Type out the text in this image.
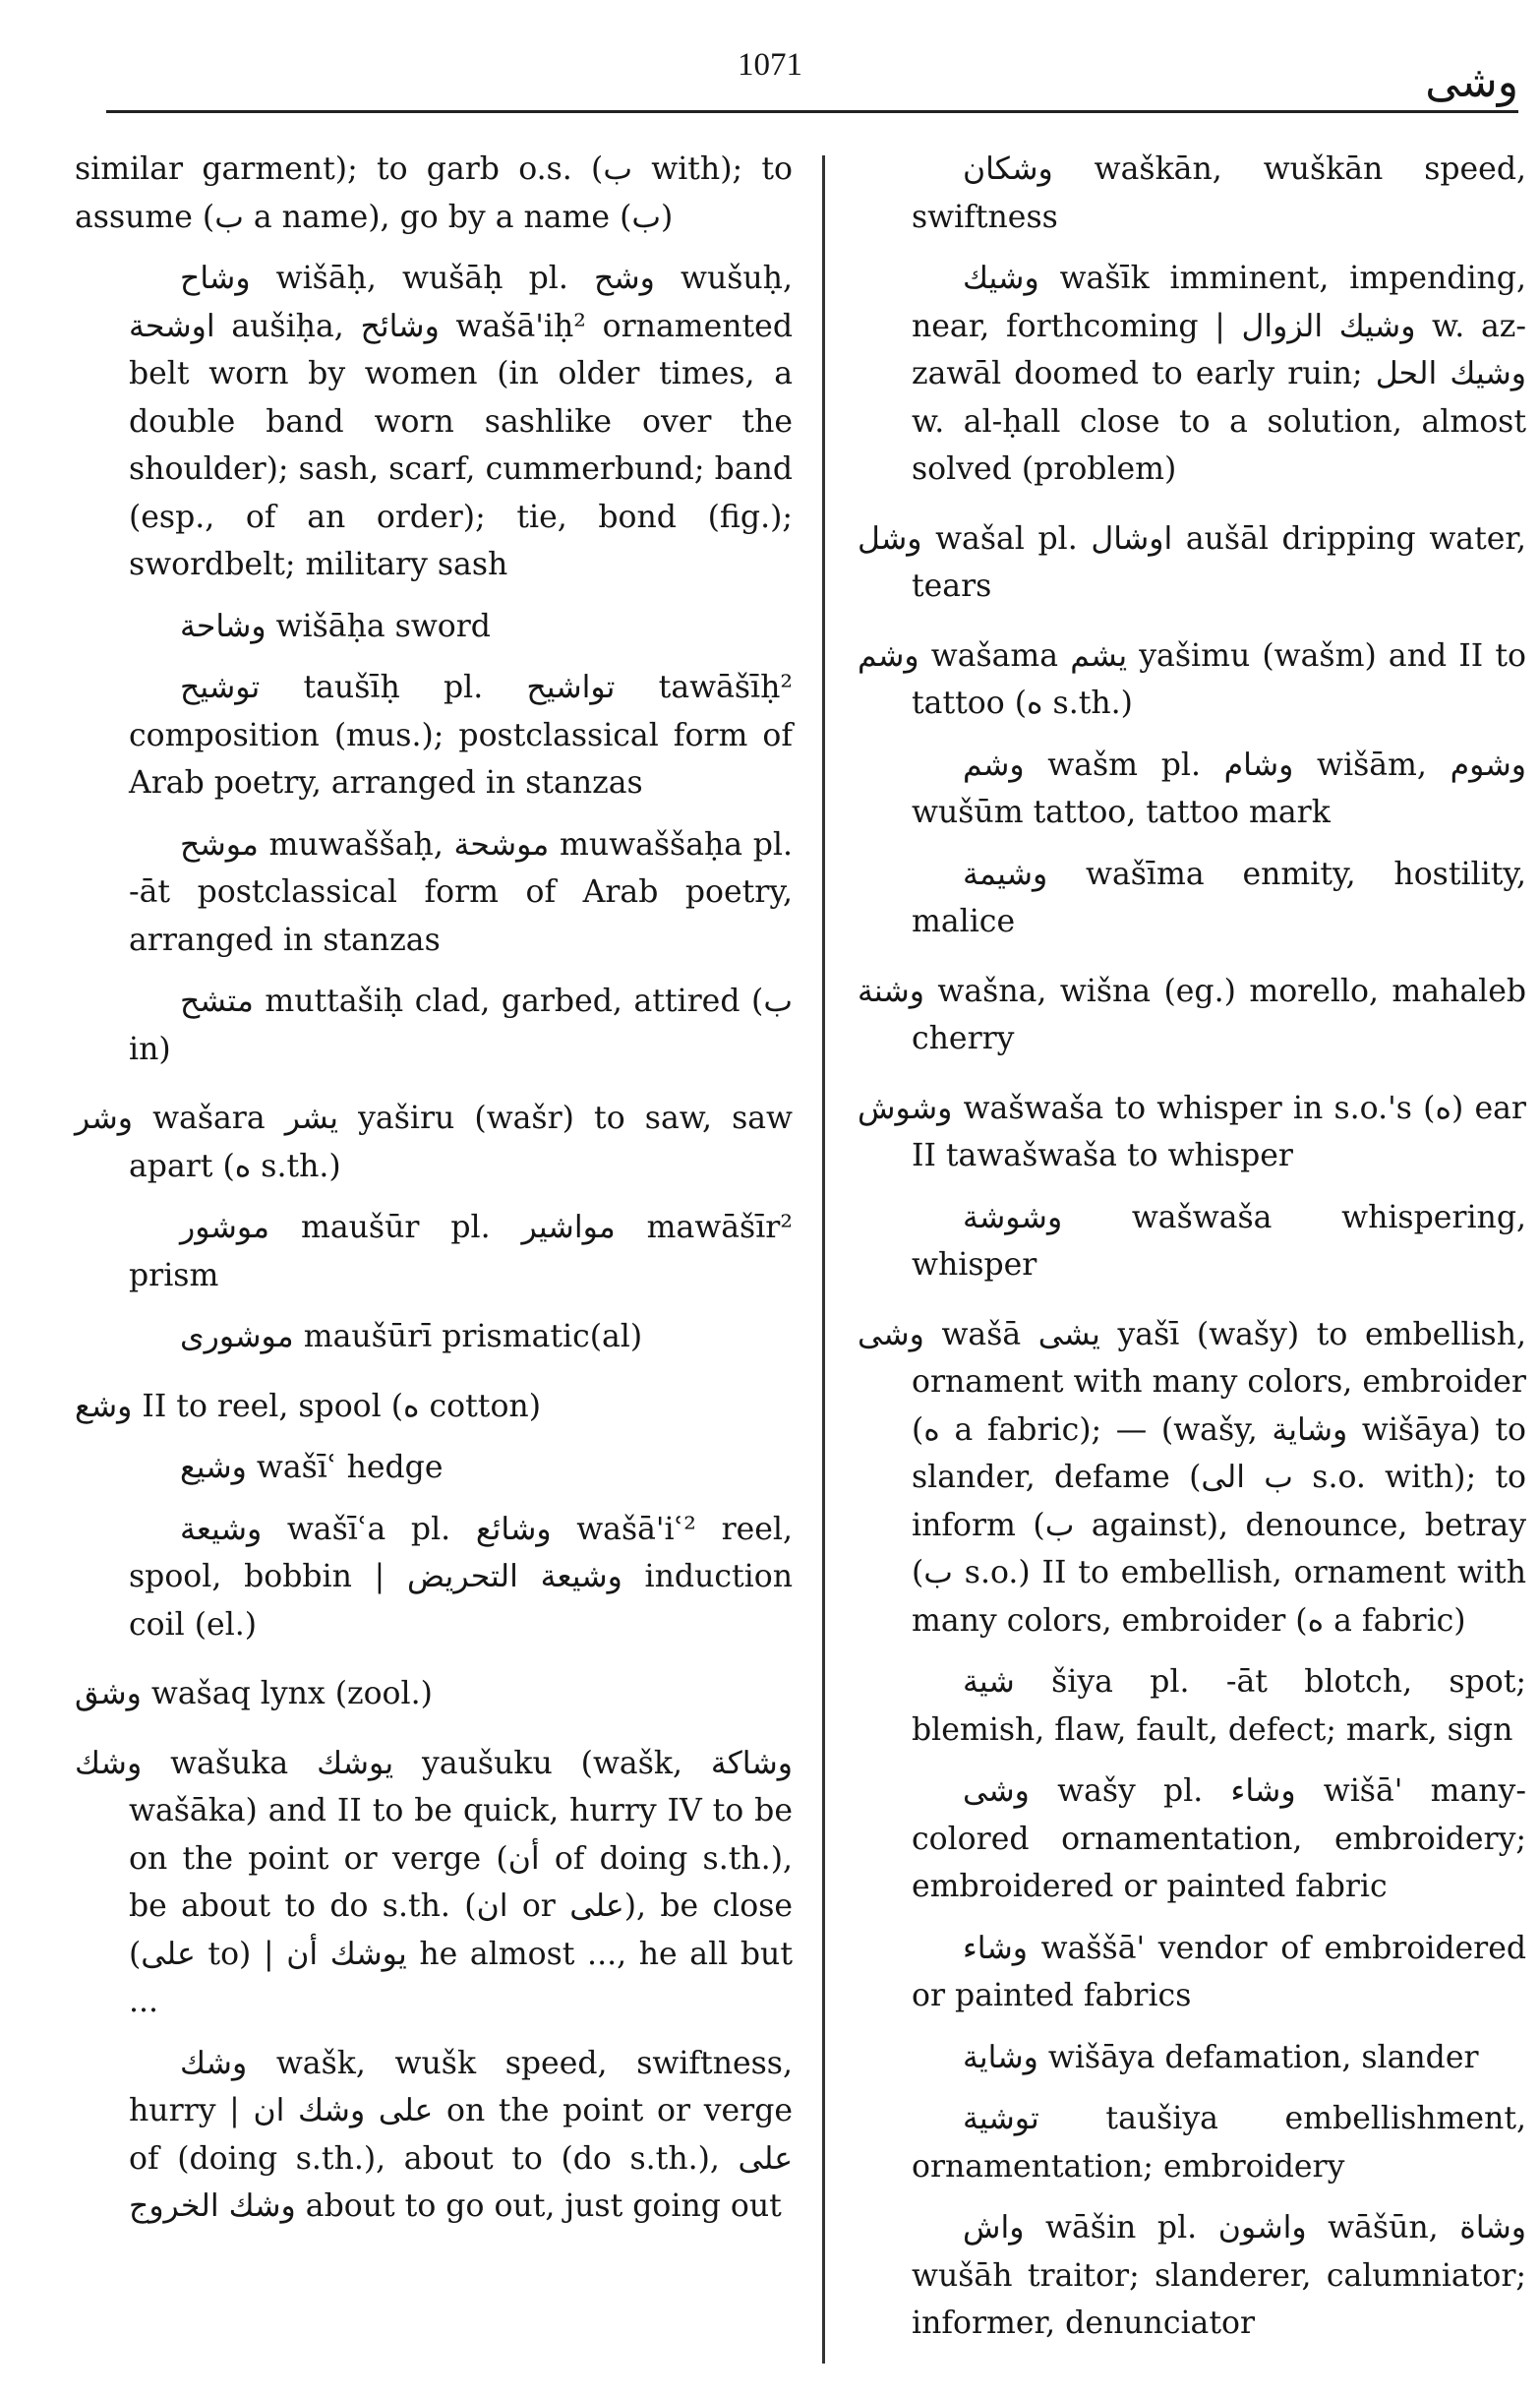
1071	وشى

similar garment); to garb o.s. (ب with); to assume (ب a name), go by a name (ب)

وشاح wišāḥ, wušāḥ pl. وشح wušuḥ, اوشحة aušiḥa, وشائح wašā'iḥ² ornamented belt worn by women (in older times, a double band worn sashlike over the shoulder); sash, scarf, cummerbund; band (esp., of an order); tie, bond (fig.); swordbelt; military sash

وشاحة wišāḥa sword

توشيح taušīḥ pl. تواشيح tawāšīḥ² composition (mus.); postclassical form of Arab poetry, arranged in stanzas

موشح muwaššaḥ, موشحة muwaššaḥa pl. -āt postclassical form of Arab poetry, arranged in stanzas

متشح muttašiḥ clad, garbed, attired (ب in)

وشر wašara يشر yaširu (wašr) to saw, saw apart (ه s.th.)

موشور maušūr pl. مواشير mawāšīr² prism

موشورى maušūrī prismatic(al)

وشع II to reel, spool (ه cotton)

وشيع wašīʿ hedge

وشيعة wašīʿa pl. وشائع wašā'iʿ² reel, spool, bobbin | وشيعة التحريض induction coil (el.)

وشق wašaq lynx (zool.)

وشك wašuka يوشك yaušuku (wašk, وشاكة wašāka) and II to be quick, hurry IV to be on the point or verge (أن of doing s.th.), be about to do s.th. (ان or على), be close (على to) | يوشك أن he almost ..., he all but ...

وشك wašk, wušk speed, swiftness, hurry | على وشك ان on the point or verge of (doing s.th.), about to (do s.th.), على وشك الخروج about to go out, just going out

وشكان waškān, wuškān speed, swiftness

وشيك wašīk imminent, impending, near, forthcoming | وشيك الزوال w. az-zawāl doomed to early ruin; وشيك الحل w. al-ḥall close to a solution, almost solved (problem)

وشل wašal pl. اوشال aušāl dripping water, tears

وشم wašama يشم yašimu (wašm) and II to tattoo (ه s.th.)

وشم wašm pl. وشام wišām, وشوم wušūm tattoo, tattoo mark

وشيمة wašīma enmity, hostility, malice

وشنة wašna, wišna (eg.) morello, mahaleb cherry

وشوش wašwaša to whisper in s.o.'s (ه) ear II tawašwaša to whisper

وشوشة wašwaša whispering, whisper

وشى wašā يشى yašī (wašy) to embellish, ornament with many colors, embroider (ه a fabric); — (wašy, وشاية wišāya) to slander, defame (ب الى s.o. with); to inform (ب against), denounce, betray (ب s.o.) II to embellish, ornament with many colors, embroider (ه a fabric)

شية šiya pl. -āt blotch, spot; blemish, flaw, fault, defect; mark, sign

وشى wašy pl. وشاء wišā' many-colored ornamentation, embroidery; embroidered or painted fabric

وشاء waššā' vendor of embroidered or painted fabrics

وشاية wišāya defamation, slander

توشية taušiya embellishment, ornamentation; embroidery

واش wāšin pl. واشون wāšūn, وشاة wušāh traitor; slanderer, calumniator; informer, denunciator
